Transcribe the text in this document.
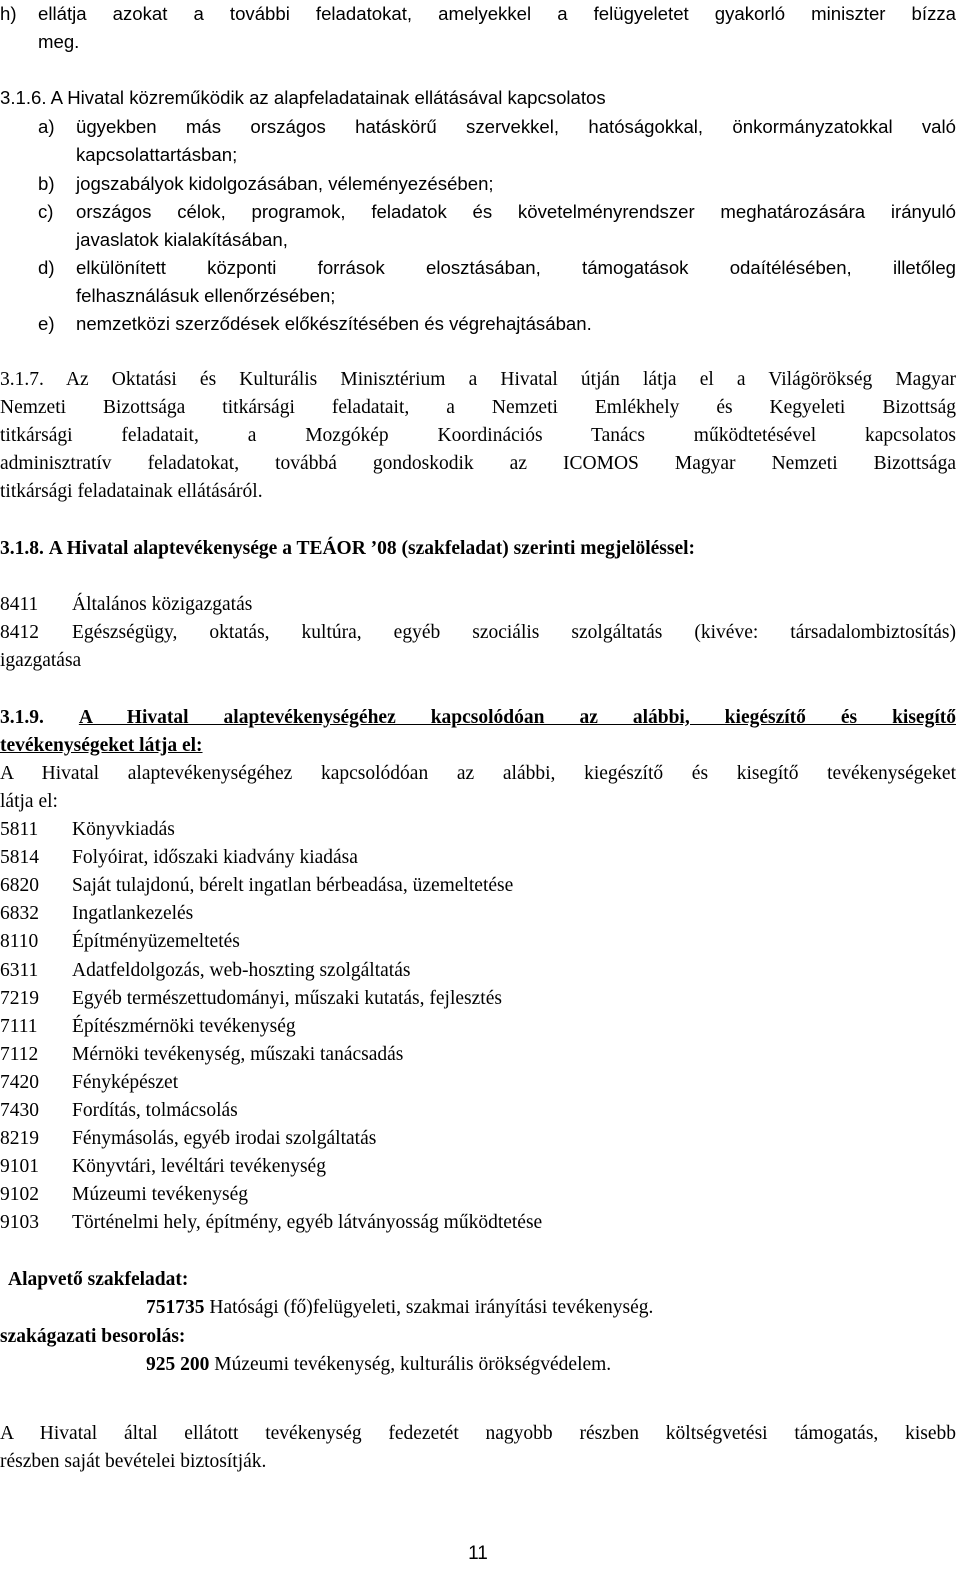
h) ellátja azokat a további feladatokat, amelyekkel a felügyeletet gyakorló miniszter bízza
meg.
3.1.6. A Hivatal közreműködik az alapfeladatainak ellátásával kapcsolatos
a) ügyekben más országos hatáskörű szervekkel, hatóságokkal, önkormányzatokkal való
kapcsolattartásban;
b) jogszabályok kidolgozásában, véleményezésében;
c) országos célok, programok, feladatok és követelményrendszer meghatározására irányuló
javaslatok kialakításában,
d) elkülönített központi források elosztásában, támogatások odaítélésében, illetőleg
felhasználásuk ellenőrzésében;
e) nemzetközi szerződések előkészítésében és végrehajtásában.
3.1.7. Az Oktatási és Kulturális Minisztérium a Hivatal útján látja el a Világörökség Magyar
Nemzeti Bizottsága titkársági feladatait, a Nemzeti Emlékhely és Kegyeleti Bizottság
titkársági feladatait, a Mozgókép Koordinációs Tanács működtetésével kapcsolatos
adminisztratív feladatokat, továbbá gondoskodik az ICOMOS Magyar Nemzeti Bizottsága
titkársági feladatainak ellátásáról.
3.1.8. A Hivatal alaptevékenysége a TEÁOR ’08 (szakfeladat) szerinti megjelöléssel:
8411 Általános közigazgatás
8412 Egészségügy, oktatás, kultúra, egyéb szociális szolgáltatás (kivéve: társadalombiztosítás)
igazgatása
3.1.9. A Hivatal alaptevékenységéhez kapcsolódóan az alábbi, kiegészítő és kisegítő
tevékenységeket látja el:
A Hivatal alaptevékenységéhez kapcsolódóan az alábbi, kiegészítő és kisegítő tevékenységeket
látja el:
5811 Könyvkiadás
5814 Folyóirat, időszaki kiadvány kiadása
6820 Saját tulajdonú, bérelt ingatlan bérbeadása, üzemeltetése
6832 Ingatlankezelés
8110 Építményüzemeltetés
6311 Adatfeldolgozás, web-hoszting szolgáltatás
7219 Egyéb természettudományi, műszaki kutatás, fejlesztés
7111 Építészmérnöki tevékenység
7112 Mérnöki tevékenység, műszaki tanácsadás
7420 Fényképészet
7430 Fordítás, tolmácsolás
8219 Fénymásolás, egyéb irodai szolgáltatás
9101 Könyvtári, levéltári tevékenység
9102 Múzeumi tevékenység
9103 Történelmi hely, építmény, egyéb látványosság működtetése
Alapvető szakfeladat:
751735 Hatósági (fő)felügyeleti, szakmai irányítási tevékenység.
szakágazati besorolás:
925 200 Múzeumi tevékenység, kulturális örökségvédelem.
A Hivatal által ellátott tevékenység fedezetét nagyobb részben költségvetési támogatás, kisebb
részben saját bevételei biztosítják.
11
